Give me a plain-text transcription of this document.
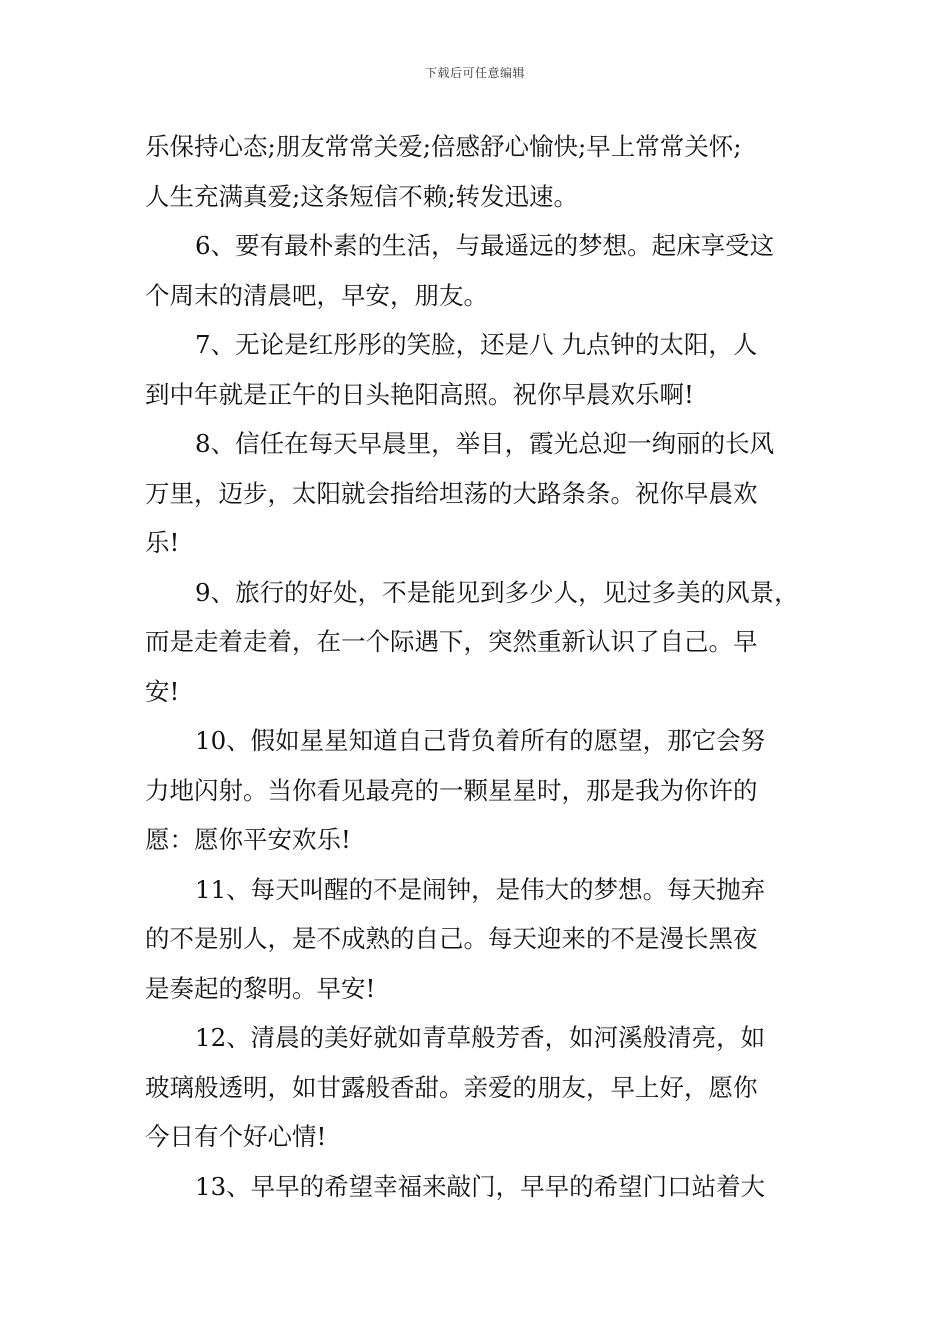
下载后可任意编辑
乐保持心态;朋友常常关爱;倍感舒心愉快;早上常常关怀;
人生充满真爱;这条短信不赖;转发迅速。
6、要有最朴素的生活，与最遥远的梦想。起床享受这
个周末的清晨吧，早安，朋友。
7、无论是红彤彤的笑脸，还是八 九点钟的太阳，人
到中年就是正午的日头艳阳高照。祝你早晨欢乐啊!
8、信任在每天早晨里，举目，霞光总迎一绚丽的长风
万里，迈步，太阳就会指给坦荡的大路条条。祝你早晨欢
乐!
9、旅行的好处，不是能见到多少人，见过多美的风景，
而是走着走着，在一个际遇下，突然重新认识了自己。早
安!
10、假如星星知道自己背负着所有的愿望，那它会努
力地闪射。当你看见最亮的一颗星星时，那是我为你许的
愿：愿你平安欢乐!
11、每天叫醒的不是闹钟，是伟大的梦想。每天抛弃
的不是别人，是不成熟的自己。每天迎来的不是漫长黑夜
是奏起的黎明。早安!
12、清晨的美好就如青草般芳香，如河溪般清亮，如
玻璃般透明，如甘露般香甜。亲爱的朋友，早上好，愿你
今日有个好心情!
13、早早的希望幸福来敲门，早早的希望门口站着大
